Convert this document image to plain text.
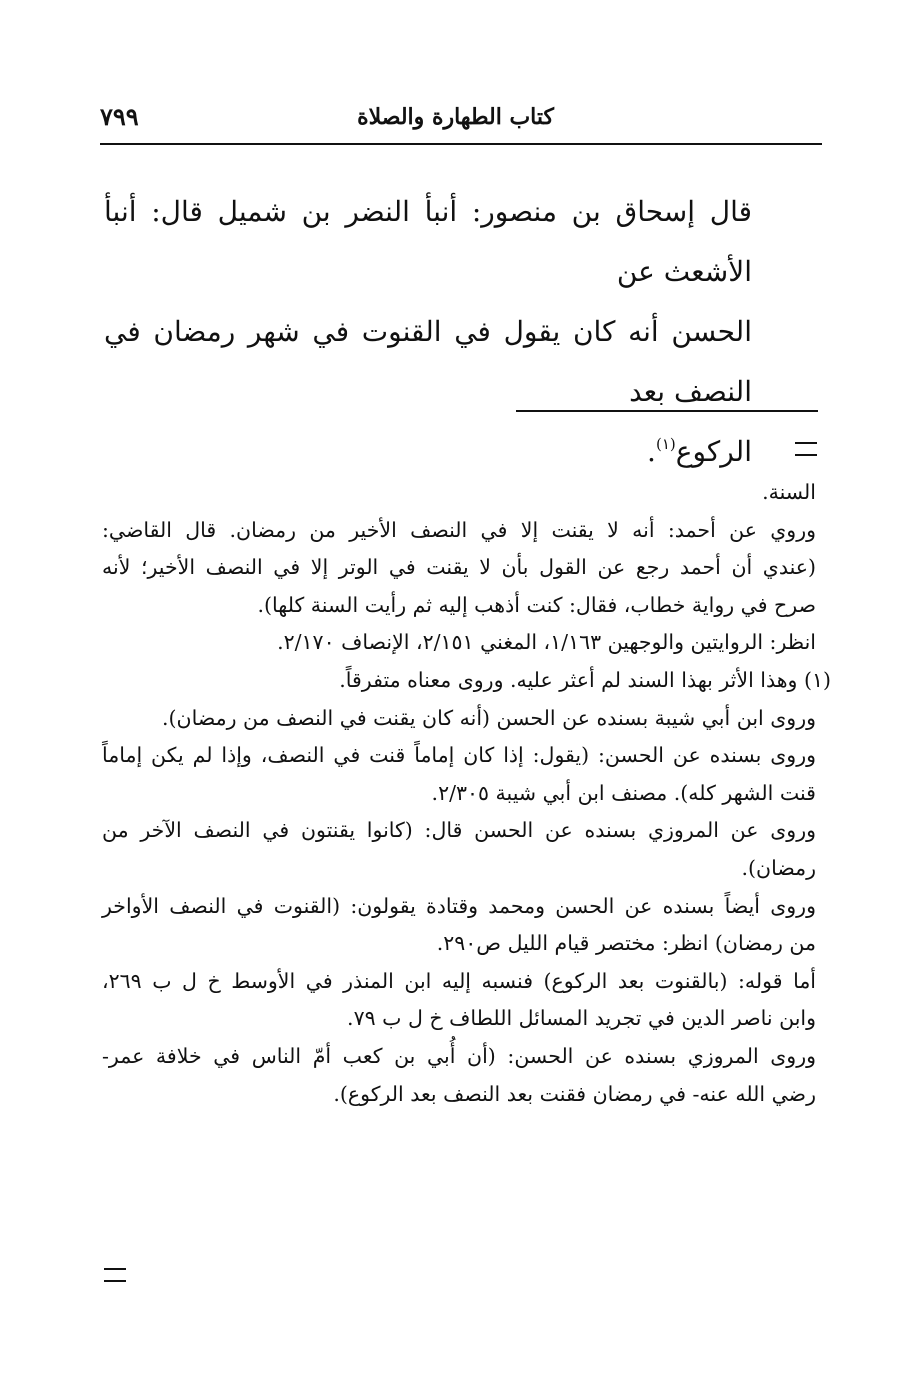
كتاب الطهارة والصلاة
٧٩٩
قال إسحاق بن منصور: أنبأ النضر بن شميل قال: أنبأ الأشعث عن
الحسن أنه كان يقول في القنوت في شهر رمضان في النصف بعد
الركوع$^{(١)}$.
السنة.
وروي عن أحمد: أنه لا يقنت إلا في النصف الأخير من رمضان. قال القاضي:
(عندي أن أحمد رجع عن القول بأن لا يقنت في الوتر إلا في النصف الأخير؛ لأنه
صرح في رواية خطاب، فقال: كنت أذهب إليه ثم رأيت السنة كلها).
انظر: الروايتين والوجهين ١/١٦٣، المغني ٢/١٥١، الإنصاف ٢/١٧٠.
(١) وهذا الأثر بهذا السند لم أعثر عليه. وروى معناه متفرقاً.
وروى ابن أبي شيبة بسنده عن الحسن (أنه كان يقنت في النصف من رمضان).
وروى بسنده عن الحسن: (يقول: إذا كان إماماً قنت في النصف، وإذا لم يكن إماماً
قنت الشهر كله). مصنف ابن أبي شيبة ٢/٣٠٥.
وروى عن المروزي بسنده عن الحسن قال: (كانوا يقنتون في النصف الآخر من
رمضان).
وروى أيضاً بسنده عن الحسن ومحمد وقتادة يقولون: (القنوت في النصف الأواخر
من رمضان) انظر: مختصر قيام الليل ص٢٩٠.
أما قوله: (بالقنوت بعد الركوع) فنسبه إليه ابن المنذر في الأوسط خ ل ب ٢٦٩،
وابن ناصر الدين في تجريد المسائل اللطاف خ ل ب ٧٩.
وروى المروزي بسنده عن الحسن: (أن أُبي بن كعب أمّ الناس في خلافة عمر-
رضي الله عنه- في رمضان فقنت بعد النصف بعد الركوع).
